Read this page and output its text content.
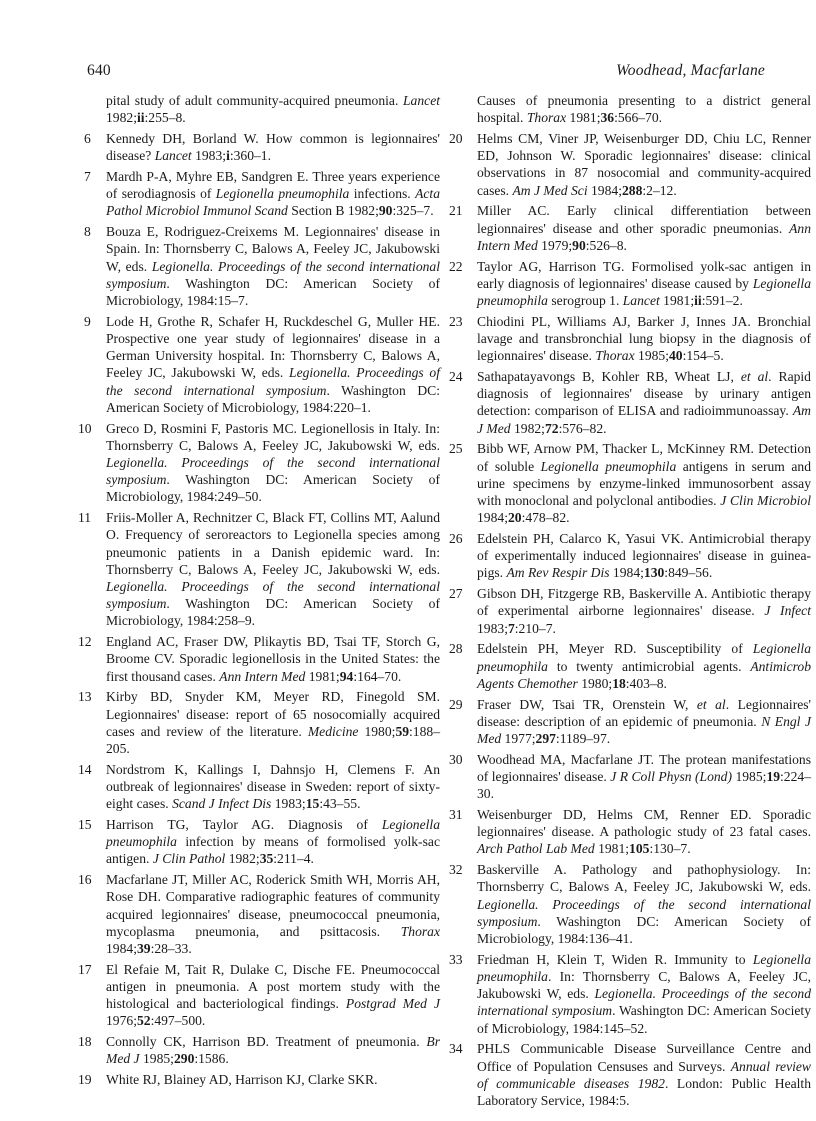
640	Woodhead, Macfarlane
pital study of adult community-acquired pneumonia. Lancet 1982;ii:255–8.
6 Kennedy DH, Borland W. How common is legionnaires' disease? Lancet 1983;i:360–1.
7 Mardh P-A, Myhre EB, Sandgren E. Three years experience of serodiagnosis of Legionella pneumophila infections. Acta Pathol Microbiol Immunol Scand Section B 1982;90:325–7.
8 Bouza E, Rodriguez-Creixems M. Legionnaires' disease in Spain. In: Thornsberry C, Balows A, Feeley JC, Jakubowski W, eds. Legionella. Proceedings of the second international symposium. Washington DC: American Society of Microbiology, 1984:15–7.
9 Lode H, Grothe R, Schafer H, Ruckdeschel G, Muller HE. Prospective one year study of legionnaires' disease in a German University hospital. In: Thornsberry C, Balows A, Feeley JC, Jakubowski W, eds. Legionella. Proceedings of the second international symposium. Washington DC: American Society of Microbiology, 1984:220–1.
10 Greco D, Rosmini F, Pastoris MC. Legionellosis in Italy. In: Thornsberry C, Balows A, Feeley JC, Jakubowski W, eds. Legionella. Proceedings of the second international symposium. Washington DC: American Society of Microbiology, 1984:249–50.
11 Friis-Moller A, Rechnitzer C, Black FT, Collins MT, Aalund O. Frequency of seroreactors to Legionella species among pneumonic patients in a Danish epidemic ward. In: Thornsberry C, Balows A, Feeley JC, Jakubowski W, eds. Legionella. Proceedings of the second international symposium. Washington DC: American Society of Microbiology, 1984:258–9.
12 England AC, Fraser DW, Plikaytis BD, Tsai TF, Storch G, Broome CV. Sporadic legionellosis in the United States: the first thousand cases. Ann Intern Med 1981;94:164–70.
13 Kirby BD, Snyder KM, Meyer RD, Finegold SM. Legionnaires' disease: report of 65 nosocomially acquired cases and review of the literature. Medicine 1980;59:188–205.
14 Nordstrom K, Kallings I, Dahnsjo H, Clemens F. An outbreak of legionnaires' disease in Sweden: report of sixty-eight cases. Scand J Infect Dis 1983;15:43–55.
15 Harrison TG, Taylor AG. Diagnosis of Legionella pneumophila infection by means of formolised yolk-sac antigen. J Clin Pathol 1982;35:211–4.
16 Macfarlane JT, Miller AC, Roderick Smith WH, Morris AH, Rose DH. Comparative radiographic features of community acquired legionnaires' disease, pneumococcal pneumonia, mycoplasma pneumonia, and psittacosis. Thorax 1984;39:28–33.
17 El Refaie M, Tait R, Dulake C, Dische FE. Pneumococcal antigen in pneumonia. A post mortem study with the histological and bacteriological findings. Postgrad Med J 1976;52:497–500.
18 Connolly CK, Harrison BD. Treatment of pneumonia. Br Med J 1985;290:1586.
19 White RJ, Blainey AD, Harrison KJ, Clarke SKR.
Causes of pneumonia presenting to a district general hospital. Thorax 1981;36:566–70.
20 Helms CM, Viner JP, Weisenburger DD, Chiu LC, Renner ED, Johnson W. Sporadic legionnaires' disease: clinical observations in 87 nosocomial and community-acquired cases. Am J Med Sci 1984;288:2–12.
21 Miller AC. Early clinical differentiation between legionnaires' disease and other sporadic pneumonias. Ann Intern Med 1979;90:526–8.
22 Taylor AG, Harrison TG. Formolised yolk-sac antigen in early diagnosis of legionnaires' disease caused by Legionella pneumophila serogroup 1. Lancet 1981;ii:591–2.
23 Chiodini PL, Williams AJ, Barker J, Innes JA. Bronchial lavage and transbronchial lung biopsy in the diagnosis of legionnaires' disease. Thorax 1985;40:154–5.
24 Sathapatayavongs B, Kohler RB, Wheat LJ, et al. Rapid diagnosis of legionnaires' disease by urinary antigen detection: comparison of ELISA and radioimmunoassay. Am J Med 1982;72:576–82.
25 Bibb WF, Arnow PM, Thacker L, McKinney RM. Detection of soluble Legionella pneumophila antigens in serum and urine specimens by enzyme-linked immunosorbent assay with monoclonal and polyclonal antibodies. J Clin Microbiol 1984;20:478–82.
26 Edelstein PH, Calarco K, Yasui VK. Antimicrobial therapy of experimentally induced legionnaires' disease in guinea-pigs. Am Rev Respir Dis 1984;130:849–56.
27 Gibson DH, Fitzgerge RB, Baskerville A. Antibiotic therapy of experimental airborne legionnaires' disease. J Infect 1983;7:210–7.
28 Edelstein PH, Meyer RD. Susceptibility of Legionella pneumophila to twenty antimicrobial agents. Antimicrob Agents Chemother 1980;18:403–8.
29 Fraser DW, Tsai TR, Orenstein W, et al. Legionnaires' disease: description of an epidemic of pneumonia. N Engl J Med 1977;297:1189–97.
30 Woodhead MA, Macfarlane JT. The protean manifestations of legionnaires' disease. J R Coll Physn (Lond) 1985;19:224–30.
31 Weisenburger DD, Helms CM, Renner ED. Sporadic legionnaires' disease. A pathologic study of 23 fatal cases. Arch Pathol Lab Med 1981;105:130–7.
32 Baskerville A. Pathology and pathophysiology. In: Thornsberry C, Balows A, Feeley JC, Jakubowski W, eds. Legionella. Proceedings of the second international symposium. Washington DC: American Society of Microbiology, 1984:136–41.
33 Friedman H, Klein T, Widen R. Immunity to Legionella pneumophila. In: Thornsberry C, Balows A, Feeley JC, Jakubowski W, eds. Legionella. Proceedings of the second international symposium. Washington DC: American Society of Microbiology, 1984:145–52.
34 PHLS Communicable Disease Surveillance Centre and Office of Population Censuses and Surveys. Annual review of communicable diseases 1982. London: Public Health Laboratory Service, 1984:5.
